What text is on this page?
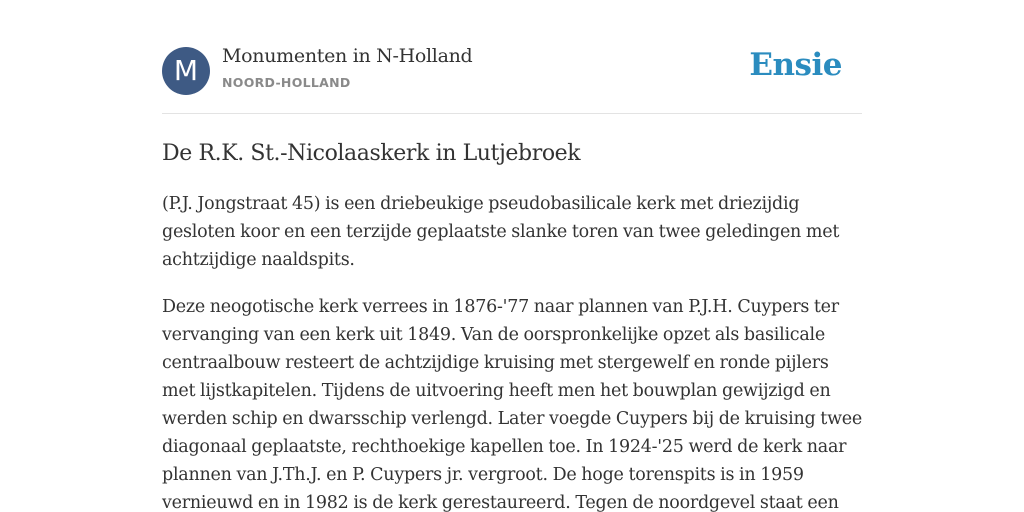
M	Monumenten in N-Holland
NOORD-HOLLAND	Ensie
De R.K. St.-Nicolaaskerk in Lutjebroek

(P.J. Jongstraat 45) is een driebeukige pseudobasilicale kerk met driezijdig gesloten koor en een terzijde geplaatste slanke toren van twee geledingen met achtzijdige naaldspits.

Deze neogotische kerk verrees in 1876-'77 naar plannen van P.J.H. Cuypers ter vervanging van een kerk uit 1849. Van de oorspronkelijke opzet als basilicale centraalbouw resteert de achtzijdige kruising met stergewelf en ronde pijlers met lijstkapitelen. Tijdens de uitvoering heeft men het bouwplan gewijzigd en werden schip en dwarsschip verlengd. Later voegde Cuypers bij de kruising twee diagonaal geplaatste, rechthoekige kapellen toe. In 1924-'25 werd de kerk naar plannen van J.Th.J. en P. Cuypers jr. vergroot. De hoge torenspits is in 1959 vernieuwd en in 1982 is de kerk gerestaureerd. Tegen de noordgevel staat een
